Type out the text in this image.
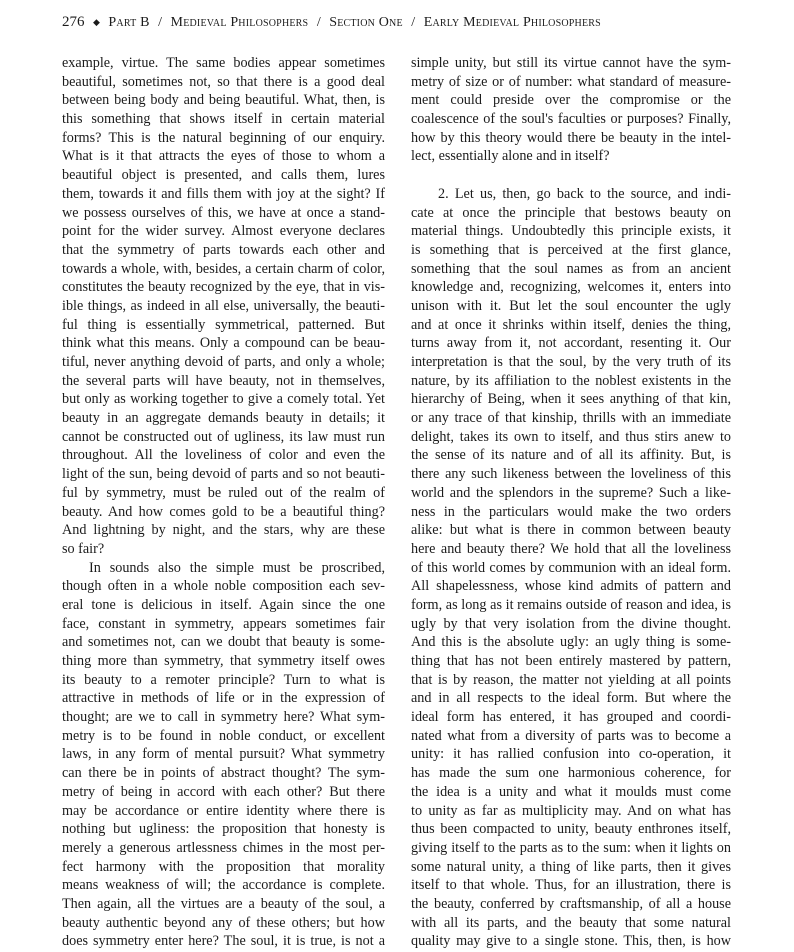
276 ◆ Part B / Medieval Philosophers / Section One / Early Medieval Philosophers
example, virtue. The same bodies appear sometimes
beautiful, sometimes not, so that there is a good deal
between being body and being beautiful. What, then, is
this something that shows itself in certain material
forms? This is the natural beginning of our enquiry.
What is it that attracts the eyes of those to whom a
beautiful object is presented, and calls them, lures
them, towards it and fills them with joy at the sight? If
we possess ourselves of this, we have at once a stand-
point for the wider survey. Almost everyone declares
that the symmetry of parts towards each other and
towards a whole, with, besides, a certain charm of color,
constitutes the beauty recognized by the eye, that in vis-
ible things, as indeed in all else, universally, the beauti-
ful thing is essentially symmetrical, patterned. But
think what this means. Only a compound can be beau-
tiful, never anything devoid of parts, and only a whole;
the several parts will have beauty, not in themselves,
but only as working together to give a comely total. Yet
beauty in an aggregate demands beauty in details; it
cannot be constructed out of ugliness, its law must run
throughout. All the loveliness of color and even the
light of the sun, being devoid of parts and so not beauti-
ful by symmetry, must be ruled out of the realm of
beauty. And how comes gold to be a beautiful thing?
And lightning by night, and the stars, why are these
so fair?
In sounds also the simple must be proscribed,
though often in a whole noble composition each sev-
eral tone is delicious in itself. Again since the one
face, constant in symmetry, appears sometimes fair
and sometimes not, can we doubt that beauty is some-
thing more than symmetry, that symmetry itself owes
its beauty to a remoter principle? Turn to what is
attractive in methods of life or in the expression of
thought; are we to call in symmetry here? What sym-
metry is to be found in noble conduct, or excellent
laws, in any form of mental pursuit? What symmetry
can there be in points of abstract thought? The sym-
metry of being in accord with each other? But there
may be accordance or entire identity where there is
nothing but ugliness: the proposition that honesty is
merely a generous artlessness chimes in the most per-
fect harmony with the proposition that morality
means weakness of will; the accordance is complete.
Then again, all the virtues are a beauty of the soul, a
beauty authentic beyond any of these others; but how
does symmetry enter here? The soul, it is true, is not a
simple unity, but still its virtue cannot have the sym-
metry of size or of number: what standard of measure-
ment could preside over the compromise or the
coalescence of the soul's faculties or purposes? Finally,
how by this theory would there be beauty in the intel-
lect, essentially alone and in itself?
2. Let us, then, go back to the source, and indi-
cate at once the principle that bestows beauty on
material things. Undoubtedly this principle exists, it
is something that is perceived at the first glance,
something that the soul names as from an ancient
knowledge and, recognizing, welcomes it, enters into
unison with it. But let the soul encounter the ugly
and at once it shrinks within itself, denies the thing,
turns away from it, not accordant, resenting it. Our
interpretation is that the soul, by the very truth of its
nature, by its affiliation to the noblest existents in the
hierarchy of Being, when it sees anything of that kin,
or any trace of that kinship, thrills with an immediate
delight, takes its own to itself, and thus stirs anew to
the sense of its nature and of all its affinity. But, is
there any such likeness between the loveliness of this
world and the splendors in the supreme? Such a like-
ness in the particulars would make the two orders
alike: but what is there in common between beauty
here and beauty there? We hold that all the loveliness
of this world comes by communion with an ideal form.
All shapelessness, whose kind admits of pattern and
form, as long as it remains outside of reason and idea, is
ugly by that very isolation from the divine thought.
And this is the absolute ugly: an ugly thing is some-
thing that has not been entirely mastered by pattern,
that is by reason, the matter not yielding at all points
and in all respects to the ideal form. But where the
ideal form has entered, it has grouped and coordi-
nated what from a diversity of parts was to become a
unity: it has rallied confusion into co-operation, it
has made the sum one harmonious coherence, for
the idea is a unity and what it moulds must come
to unity as far as multiplicity may. And on what has
thus been compacted to unity, beauty enthrones itself,
giving itself to the parts as to the sum: when it lights on
some natural unity, a thing of like parts, then it gives
itself to that whole. Thus, for an illustration, there is
the beauty, conferred by craftsmanship, of all a house
with all its parts, and the beauty that some natural
quality may give to a single stone. This, then, is how
